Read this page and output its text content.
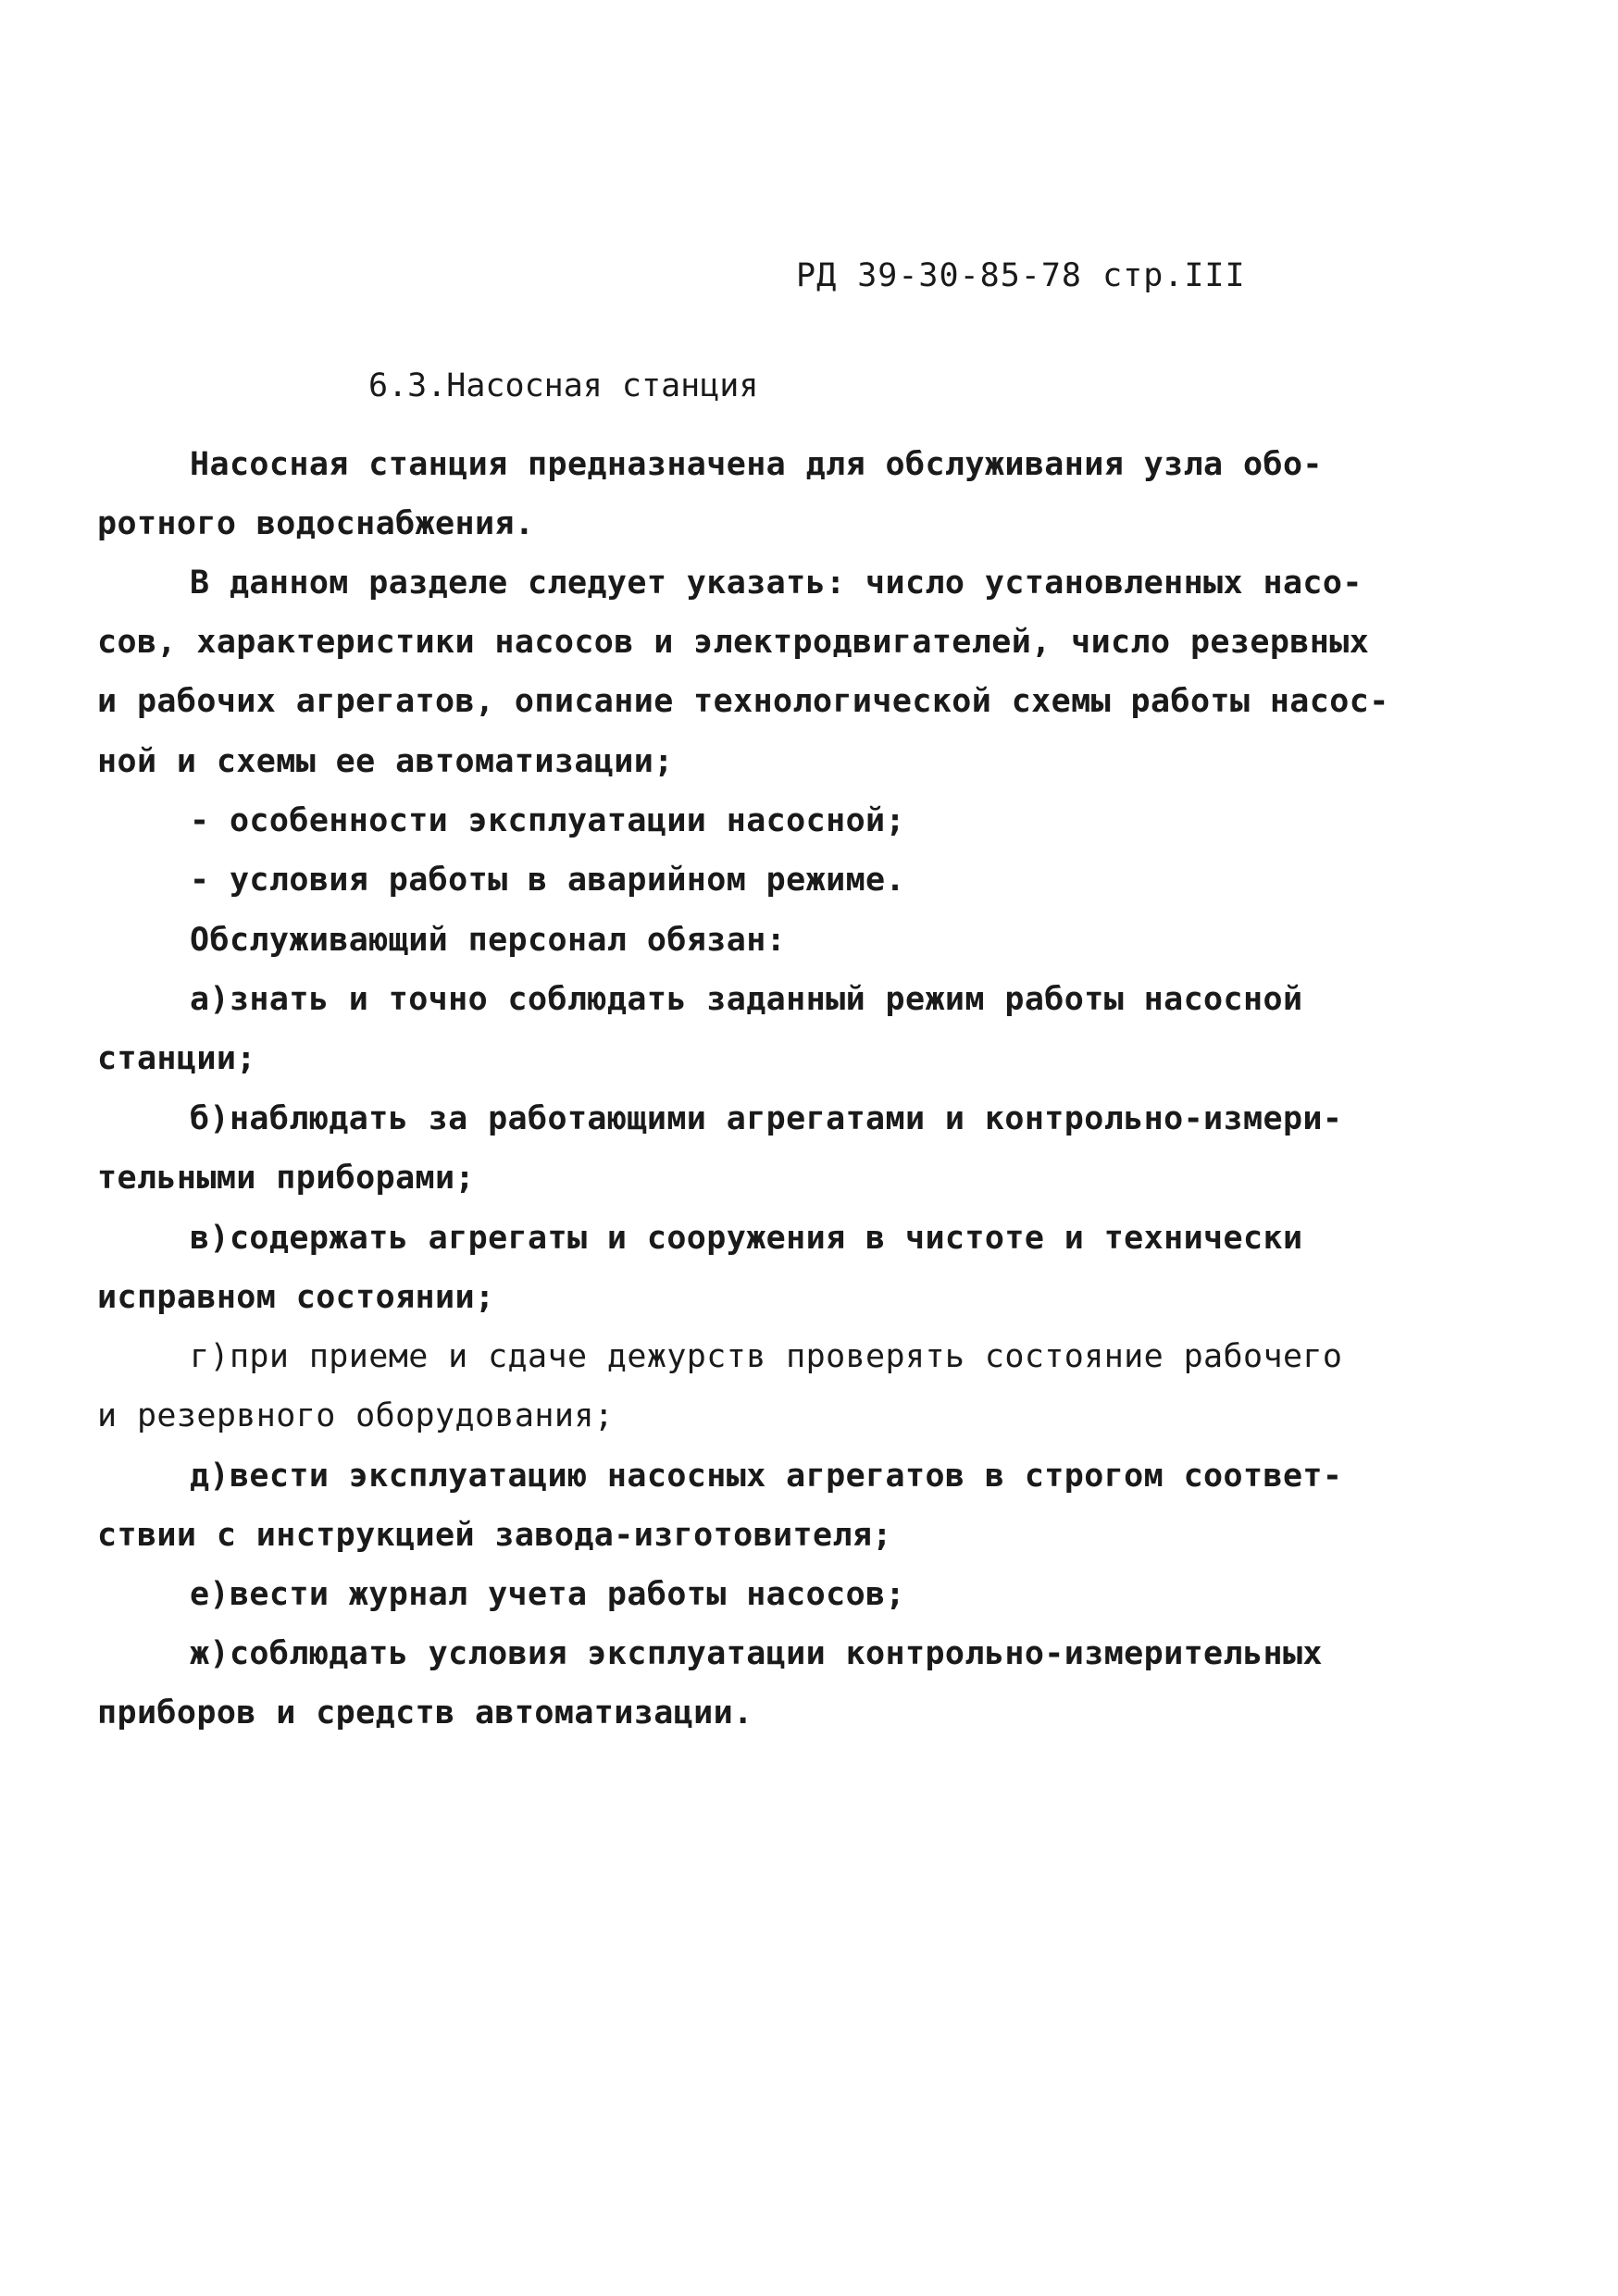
РД 39-30-85-78 стр.III
6.3.Насосная станция
Насосная станция предназначена для обслуживания узла обо-
ротного водоснабжения.
В данном разделе следует указать: число установленных насо-
сов, характеристики насосов и электродвигателей, число резервных
и рабочих агрегатов, описание технологической схемы работы насос-
ной и схемы ее автоматизации;
- особенности эксплуатации насосной;
- условия работы в аварийном режиме.
Обслуживающий персонал обязан:
а)знать и точно соблюдать заданный режим работы насосной
станции;
б)наблюдать за работающими агрегатами и контрольно-измери-
тельными приборами;
в)содержать агрегаты и сооружения в чистоте и технически
исправном состоянии;
г)при приеме и сдаче дежурств проверять состояние рабочего
и резервного оборудования;
д)вести эксплуатацию насосных агрегатов в строгом соответ-
ствии с инструкцией завода-изготовителя;
е)вести журнал учета работы насосов;
ж)соблюдать условия эксплуатации контрольно-измерительных
приборов и средств автоматизации.
